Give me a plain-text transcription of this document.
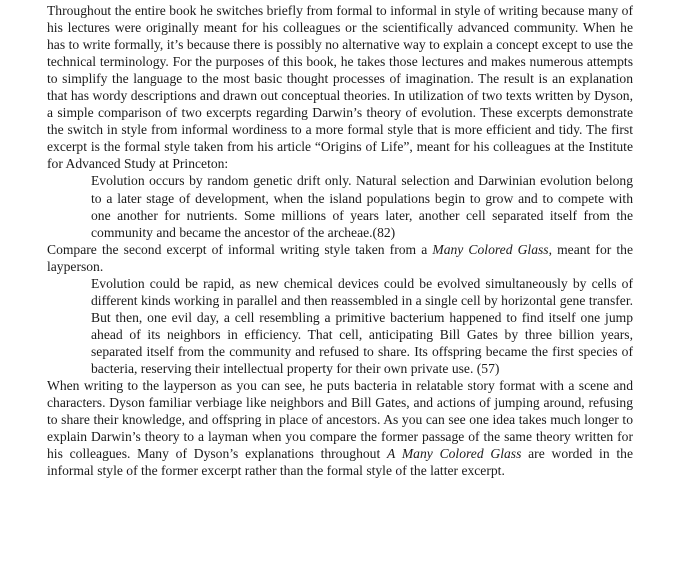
Throughout the entire book he switches briefly from formal to informal in style of writing because many of his lectures were originally meant for his colleagues or the scientifically advanced community. When he has to write formally, it’s because there is possibly no alternative way to explain a concept except to use the technical terminology. For the purposes of this book, he takes those lectures and makes numerous attempts to simplify the language to the most basic thought processes of imagination. The result is an explanation that has wordy descriptions and drawn out conceptual theories. In utilization of two texts written by Dyson, a simple comparison of two excerpts regarding Darwin’s theory of evolution. These excerpts demonstrate the switch in style from informal wordiness to a more formal style that is more efficient and tidy. The first excerpt is the formal style taken from his article “Origins of Life”, meant for his colleagues at the Institute for Advanced Study at Princeton:

Evolution occurs by random genetic drift only. Natural selection and Darwinian evolution belong to a later stage of development, when the island populations begin to grow and to compete with one another for nutrients. Some millions of years later, another cell separated itself from the community and became the ancestor of the archeae.(82)

Compare the second excerpt of informal writing style taken from a Many Colored Glass, meant for the layperson.

Evolution could be rapid, as new chemical devices could be evolved simultaneously by cells of different kinds working in parallel and then reassembled in a single cell by horizontal gene transfer. But then, one evil day, a cell resembling a primitive bacterium happened to find itself one jump ahead of its neighbors in efficiency. That cell, anticipating Bill Gates by three billion years, separated itself from the community and refused to share. Its offspring became the first species of bacteria, reserving their intellectual property for their own private use. (57)

When writing to the layperson as you can see, he puts bacteria in relatable story format with a scene and characters. Dyson familiar verbiage like neighbors and Bill Gates, and actions of jumping around, refusing to share their knowledge, and offspring in place of ancestors. As you can see one idea takes much longer to explain Darwin’s theory to a layman when you compare the former passage of the same theory written for his colleagues. Many of Dyson’s explanations throughout A Many Colored Glass are worded in the informal style of the former excerpt rather than the formal style of the latter excerpt.
